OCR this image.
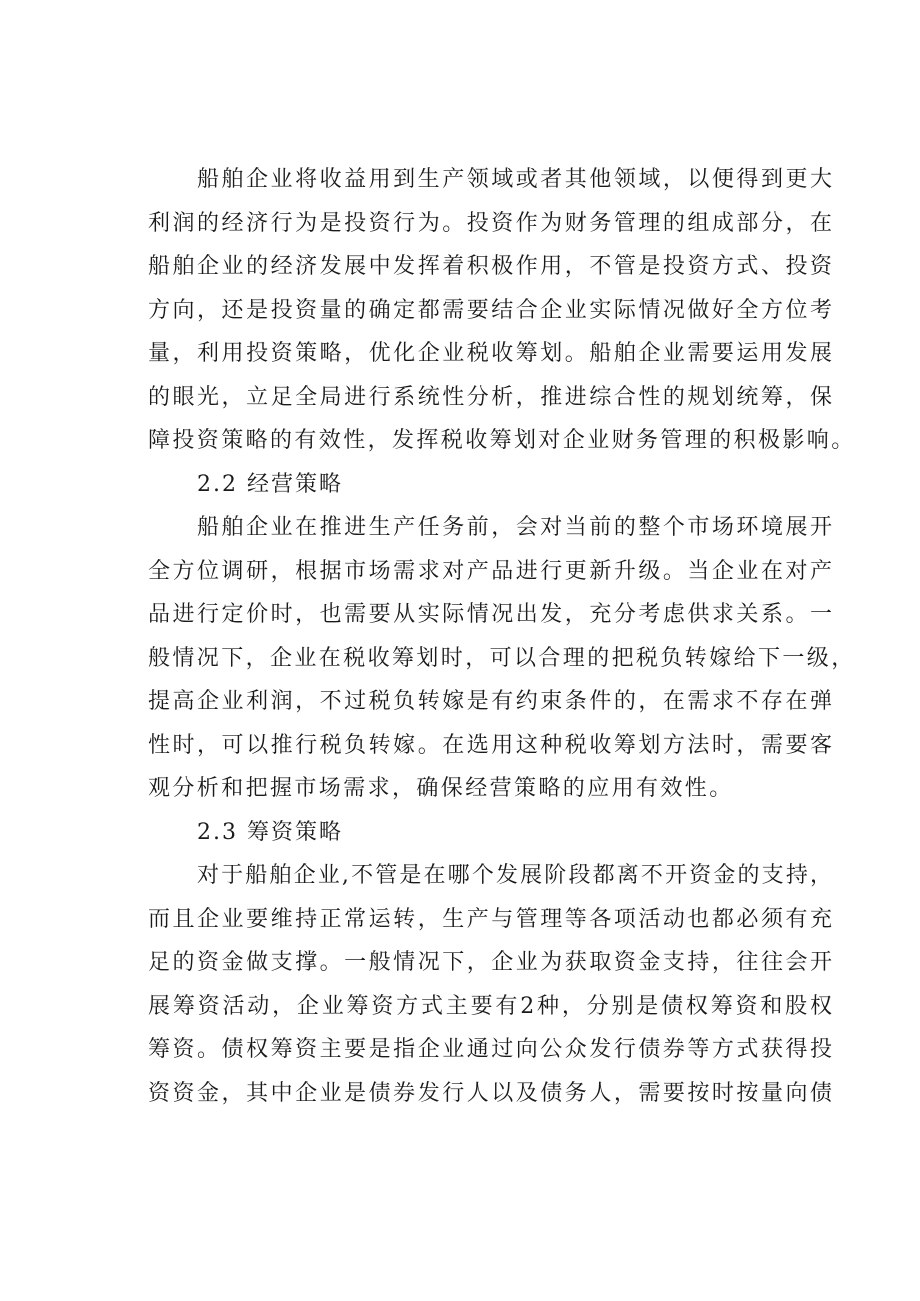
船舶企业将收益用到生产领域或者其他领域，以便得到更大
利润的经济行为是投资行为。投资作为财务管理的组成部分，在
船舶企业的经济发展中发挥着积极作用，不管是投资方式、投资
方向，还是投资量的确定都需要结合企业实际情况做好全方位考
量，利用投资策略，优化企业税收筹划。船舶企业需要运用发展
的眼光，立足全局进行系统性分析，推进综合性的规划统筹，保
障投资策略的有效性，发挥税收筹划对企业财务管理的积极影响。
2.2 经营策略
船舶企业在推进生产任务前，会对当前的整个市场环境展开
全方位调研，根据市场需求对产品进行更新升级。当企业在对产
品进行定价时，也需要从实际情况出发，充分考虑供求关系。一
般情况下，企业在税收筹划时，可以合理的把税负转嫁给下一级，
提高企业利润，不过税负转嫁是有约束条件的，在需求不存在弹
性时，可以推行税负转嫁。在选用这种税收筹划方法时，需要客
观分析和把握市场需求，确保经营策略的应用有效性。
2.3 筹资策略
对于船舶企业,不管是在哪个发展阶段都离不开资金的支持，
而且企业要维持正常运转，生产与管理等各项活动也都必须有充
足的资金做支撑。一般情况下，企业为获取资金支持，往往会开
展筹资活动，企业筹资方式主要有2种，分别是债权筹资和股权
筹资。债权筹资主要是指企业通过向公众发行债券等方式获得投
资资金，其中企业是债券发行人以及债务人，需要按时按量向债
